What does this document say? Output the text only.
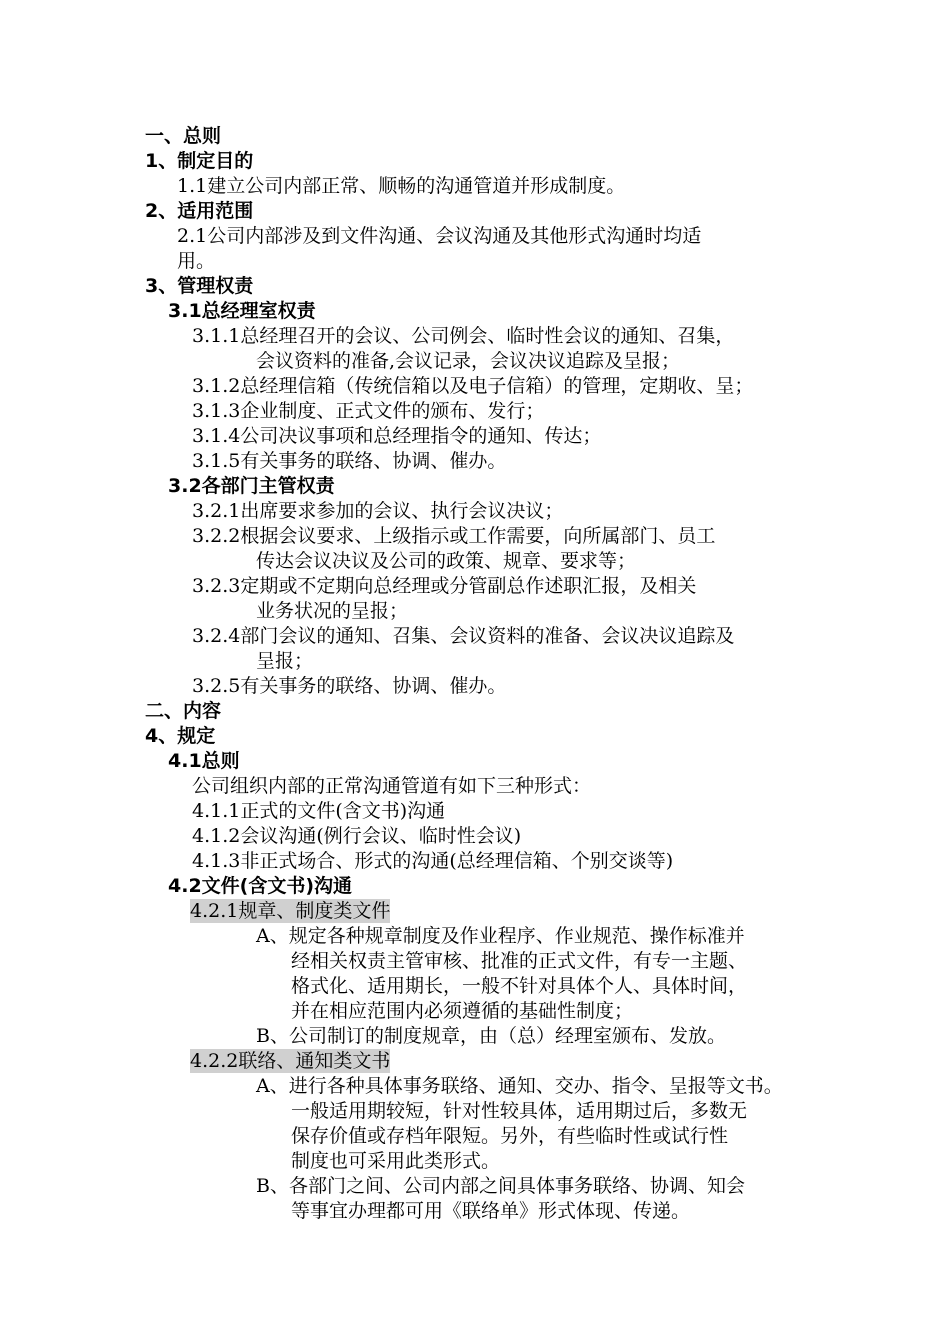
一、总则
1、制定目的
1.1建立公司内部正常、顺畅的沟通管道并形成制度。
2、适用范围
2.1公司内部涉及到文件沟通、会议沟通及其他形式沟通时均适
用。
3、管理权责
3.1总经理室权责
3.1.1总经理召开的会议、公司例会、临时性会议的通知、召集，
会议资料的准备,会议记录，会议决议追踪及呈报；
3.1.2总经理信箱（传统信箱以及电子信箱）的管理，定期收、呈；
3.1.3企业制度、正式文件的颁布、发行；
3.1.4公司决议事项和总经理指令的通知、传达；
3.1.5有关事务的联络、协调、催办。
3.2各部门主管权责
3.2.1出席要求参加的会议、执行会议决议；
3.2.2根据会议要求、上级指示或工作需要，向所属部门、员工
传达会议决议及公司的政策、规章、要求等；
3.2.3定期或不定期向总经理或分管副总作述职汇报，及相关
业务状况的呈报；
3.2.4部门会议的通知、召集、会议资料的准备、会议决议追踪及
呈报；
3.2.5有关事务的联络、协调、催办。
二、内容
4、规定
4.1总则
公司组织内部的正常沟通管道有如下三种形式：
4.1.1正式的文件(含文书)沟通
4.1.2会议沟通(例行会议、临时性会议)
4.1.3非正式场合、形式的沟通(总经理信箱、个别交谈等)
4.2文件(含文书)沟通
4.2.1规章、制度类文件
A、规定各种规章制度及作业程序、作业规范、操作标准并
经相关权责主管审核、批准的正式文件，有专一主题、
格式化、适用期长，一般不针对具体个人、具体时间，
并在相应范围内必须遵循的基础性制度；
B、公司制订的制度规章，由（总）经理室颁布、发放。
4.2.2联络、通知类文书
A、进行各种具体事务联络、通知、交办、指令、呈报等文书。
一般适用期较短，针对性较具体，适用期过后，多数无
保存价值或存档年限短。另外，有些临时性或试行性
制度也可采用此类形式。
B、各部门之间、公司内部之间具体事务联络、协调、知会
等事宜办理都可用《联络单》形式体现、传递。
